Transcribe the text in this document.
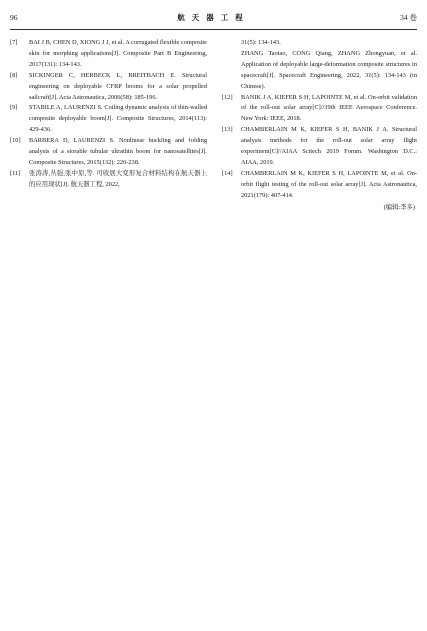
96	航天器工程	34 卷

[7] BAI J B, CHEN D, XIONG J J, et al. A corrugated flexible composite skin for morphing applications[J]. Composite Part B Engineering, 2017(131): 134-143.

[8] SICKINGER C, HERBECK L, BREITBACH E. Structural engineering on deployable CFRP booms for a solar propelled sailcraft[J]. Acta Astronautica, 2006(58): 185-196.

[9] STABILE A, LAURENZI S. Coiling dynamic analysis of thin-walled composite deployable boom[J]. Composite Structures, 2014(113): 429-436.

[10] BARBERA D, LAURENZI S. Nonlinear buckling and folding analysis of a storable tubular ultrathin boom for nanosatellites[J]. Composite Structures, 2015(132): 226-238.

[11] 张涛涛,丛强,张中原,等. 可收展大变形复合材料结构在航天器上的应用现状[J]. 航天器工程, 2022,

31(5): 134-143.

ZHANG Taotao, CONG Qiang, ZHANG Zhongyuan, et al. Application of deployable large-deformation composite structures in spacecraft[J]. Spacecraft Engineering, 2022, 31(5): 134-143 (in Chinese).

[12] BANIK J A, KIEFER S H, LAPOINTE M, et al. On-orbit validation of the roll-out solar array[C]//39th IEEE Aerospace Conference. New York: IEEE, 2018.

[13] CHAMBERLAIN M K, KIEFER S H, BANIK J A. Structural analysis methods for the roll-out solar array flight experiment[C]//AIAA Scitech 2019 Forum. Washington D.C.: AIAA, 2019.

[14] CHAMBERLAIN M K, KIEFER S H, LAPOINTE M, et al. On-orbit flight testing of the roll-out solar array[J]. Acta Astronautica, 2021(179): 407-414.

(编辑:李多)
